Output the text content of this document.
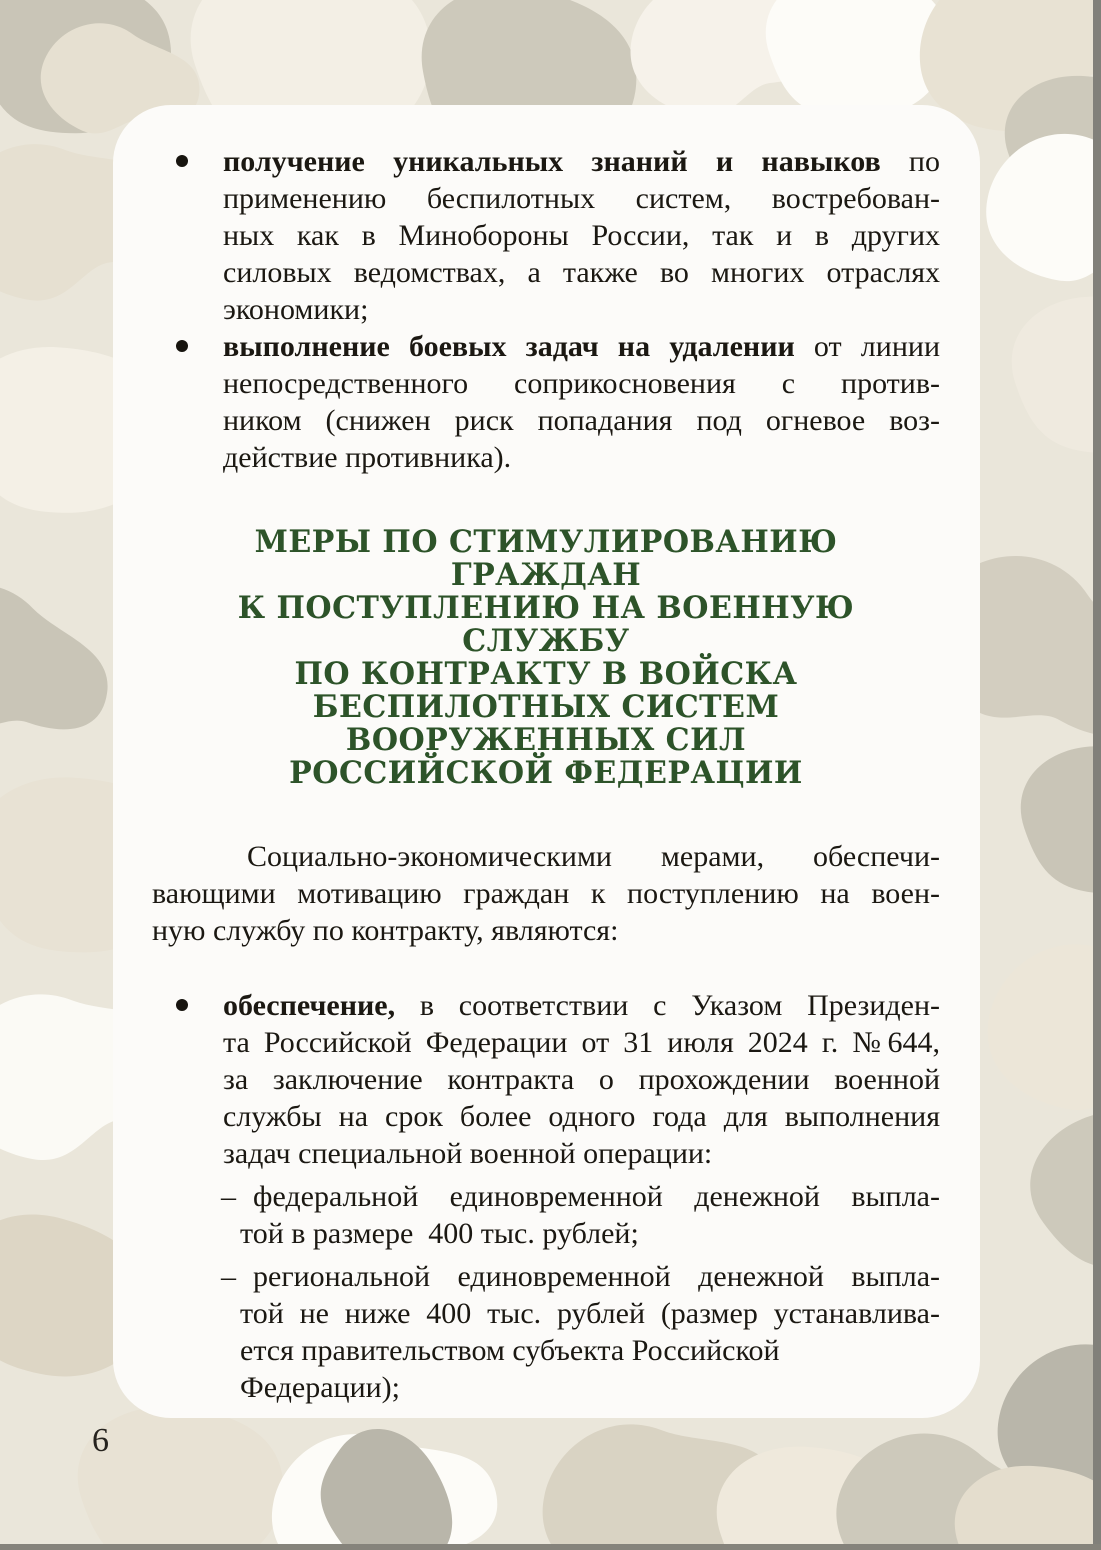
получение уникальных знаний и навыков по
применению беспилотных систем, востребован-
ных как в Минобороны России, так и в других
силовых ведомствах, а также во многих отраслях
экономики;
выполнение боевых задач на удалении от линии
непосредственного соприкосновения с против-
ником (снижен риск попадания под огневое воз-
действие противника).
МЕРЫ ПО СТИМУЛИРОВАНИЮ
ГРАЖДАН
К ПОСТУПЛЕНИЮ НА ВОЕННУЮ СЛУЖБУ
ПО КОНТРАКТУ В ВОЙСКА
БЕСПИЛОТНЫХ СИСТЕМ
ВООРУЖЕННЫХ СИЛ
РОССИЙСКОЙ ФЕДЕРАЦИИ
Социально-экономическими мерами, обеспечи-
вающими мотивацию граждан к поступлению на воен-
ную службу по контракту, являются:
обеспечение, в соответствии с Указом Президен-
та Российской Федерации от 31 июля 2024 г. №644,
за заключение контракта о прохождении военной
службы на срок более одного года для выполнения
задач специальной военной операции:
– федеральной единовременной денежной выпла-
той в размере  400 тыс. рублей;
– региональной единовременной денежной выпла-
той не ниже 400 тыс. рублей (размер устанавлива-
ется правительством субъекта Российской
Федерации);
6
